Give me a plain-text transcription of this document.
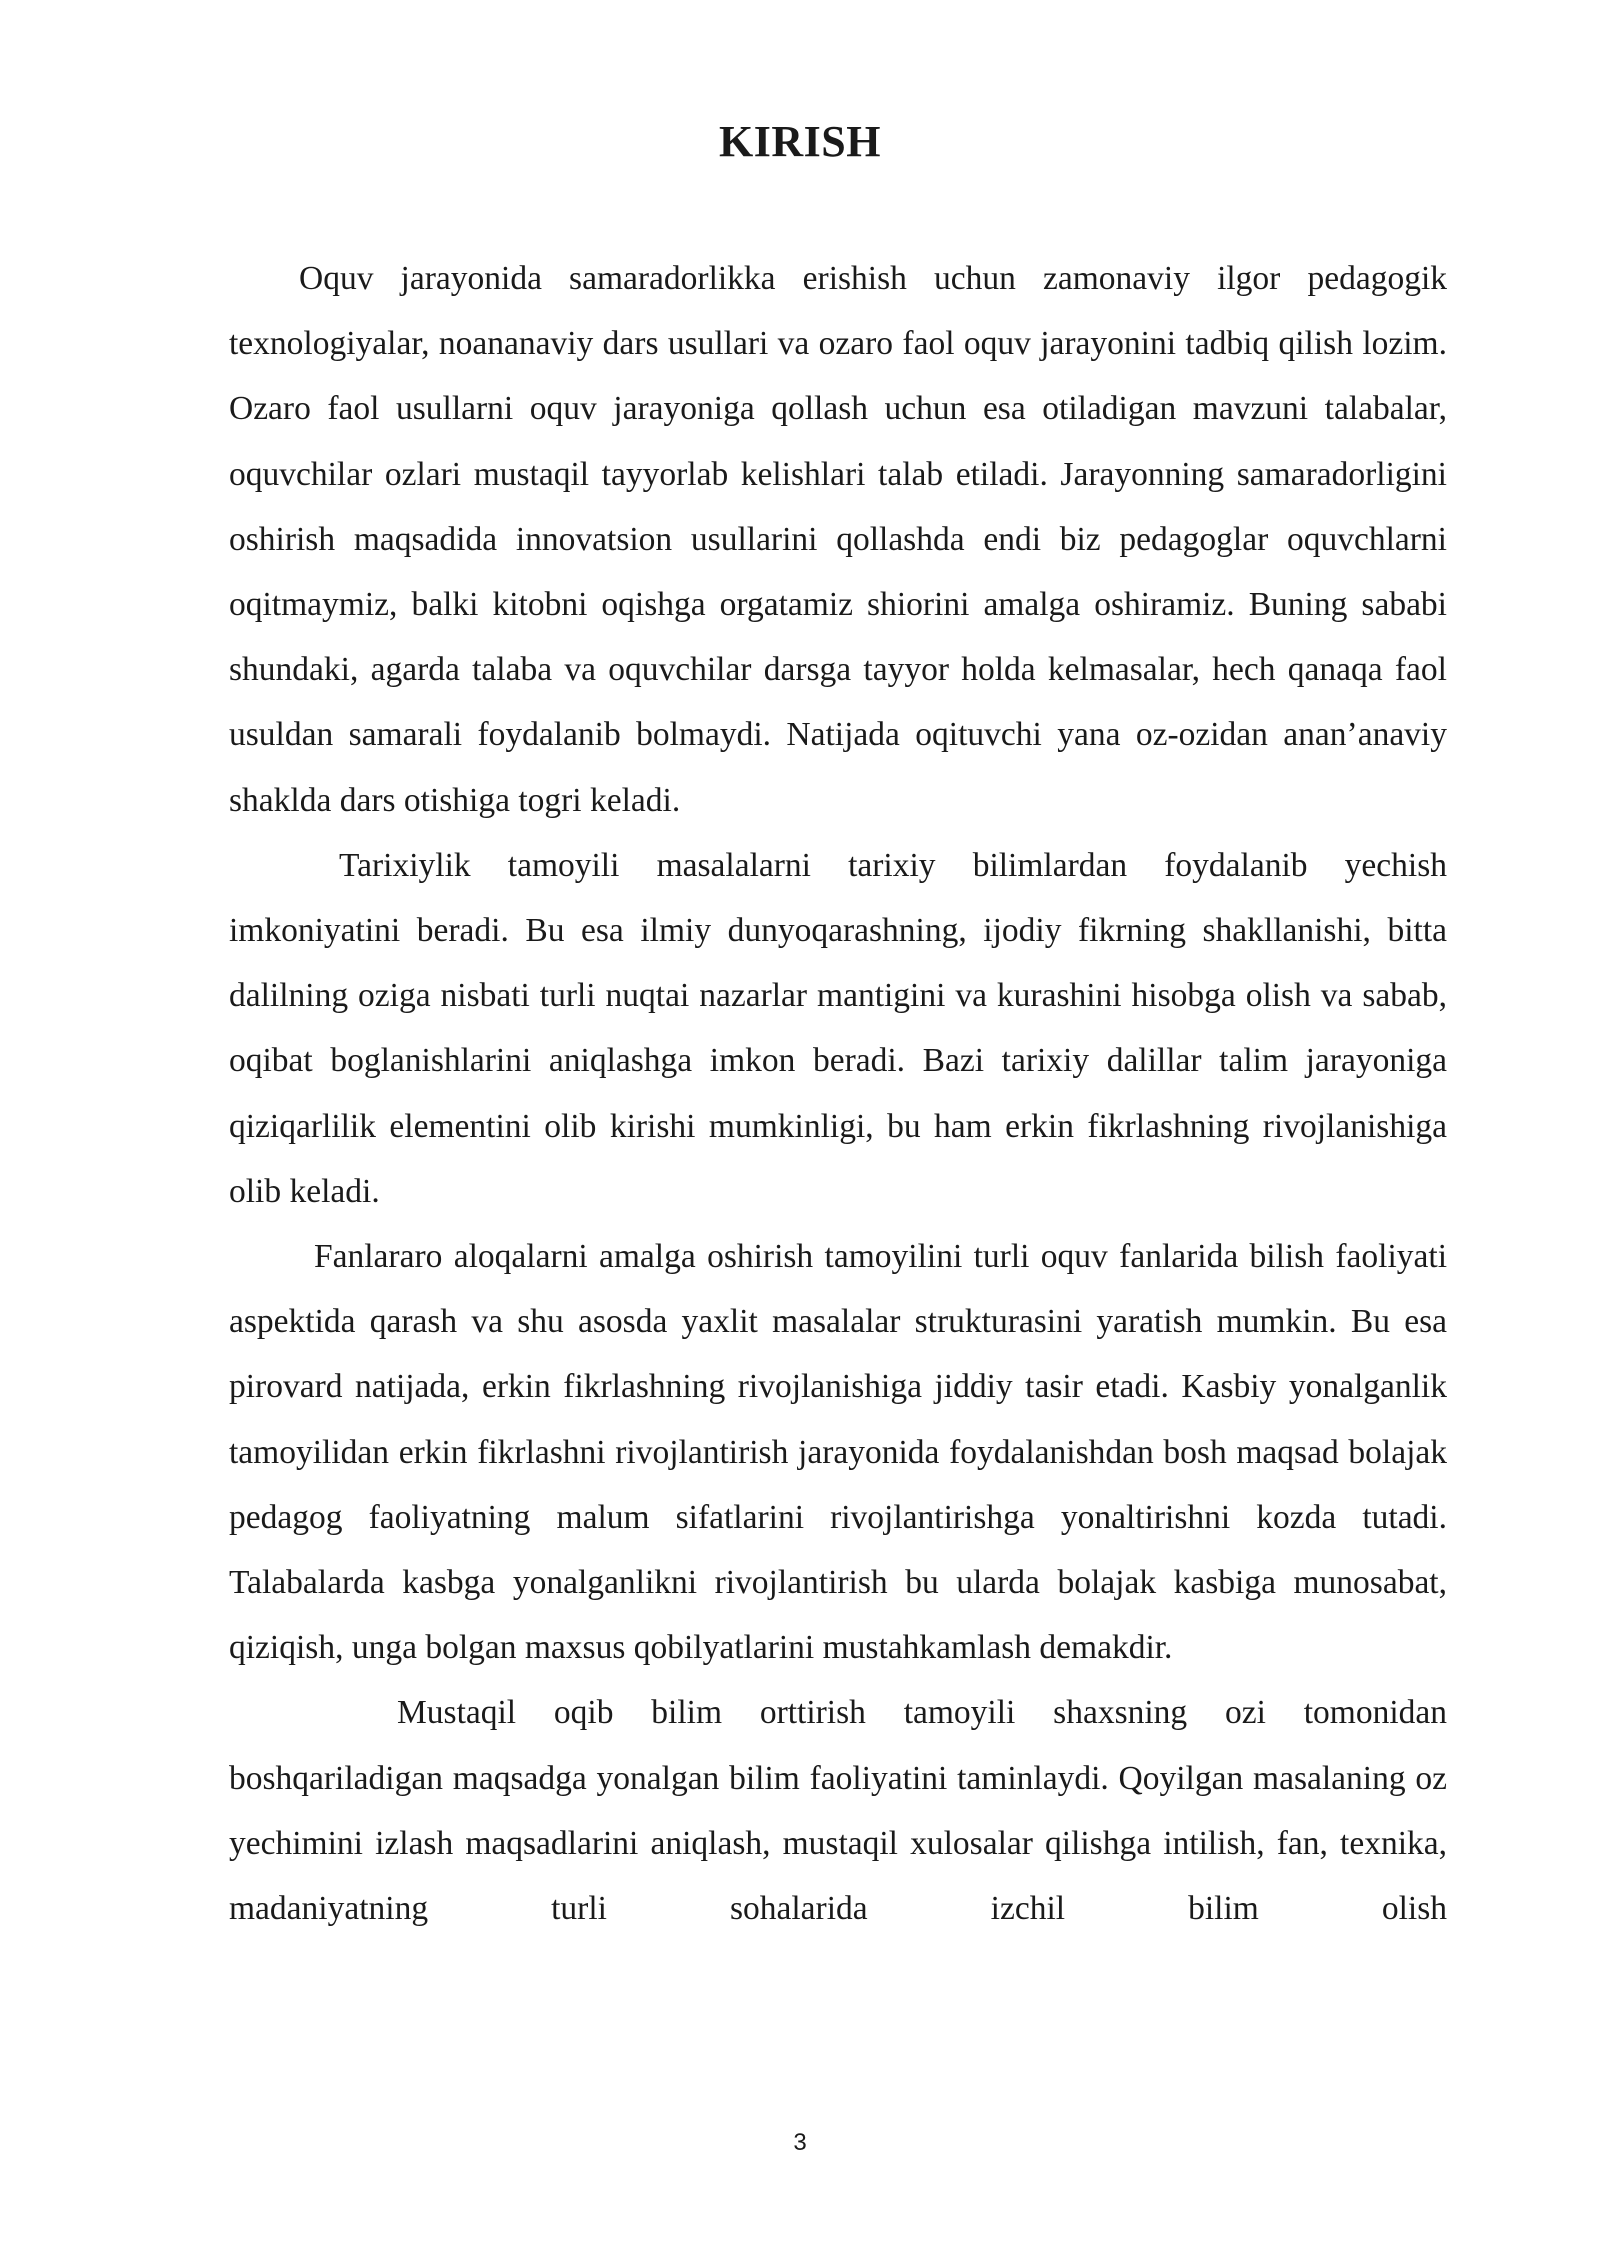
KIRISH

Oquv jarayonida samaradorlikka erishish uchun zamonaviy ilgor pedagogik texnologiyalar, noananaviy dars usullari va ozaro faol oquv jarayonini tadbiq qilish lozim. Ozaro faol usullarni oquv jarayoniga qollash uchun esa otiladigan mavzuni talabalar, oquvchilar ozlari mustaqil tayyorlab kelishlari talab etiladi. Jarayonning samaradorligini oshirish maqsadida innovatsion usullarini qollashda endi biz pedagoglar oquvchlarni oqitmaymiz, balki kitobni oqishga orgatamiz shiorini amalga oshiramiz. Buning sababi shundaki, agarda talaba va oquvchilar darsga tayyor holda kelmasalar, hech qanaqa faol usuldan samarali foydalanib bolmaydi. Natijada oqituvchi yana oz-ozidan anan’anaviy shaklda dars otishiga togri keladi.

Tarixiylik tamoyili masalalarni tarixiy bilimlardan foydalanib yechish imkoniyatini beradi. Bu esa ilmiy dunyoqarashning, ijodiy fikrning shakllanishi, bitta dalilning oziga nisbati turli nuqtai nazarlar mantigini va kurashini hisobga olish va sabab, oqibat boglanishlarini aniqlashga imkon beradi. Bazi tarixiy dalillar talim jarayoniga qiziqarlilik elementini olib kirishi mumkinligi, bu ham erkin fikrlashning rivojlanishiga olib keladi.

Fanlararo aloqalarni amalga oshirish tamoyilini turli oquv fanlarida bilish faoliyati aspektida qarash va shu asosda yaxlit masalalar strukturasini yaratish mumkin. Bu esa pirovard natijada, erkin fikrlashning rivojlanishiga jiddiy tasir etadi. Kasbiy yonalganlik tamoyilidan erkin fikrlashni rivojlantirish jarayonida foydalanishdan bosh maqsad bolajak pedagog faoliyatning malum sifatlarini rivojlantirishga yonaltirishni kozda tutadi. Talabalarda kasbga yonalganlikni rivojlantirish bu ularda bolajak kasbiga munosabat, qiziqish, unga bolgan maxsus qobilyatlarini mustahkamlash demakdir.

Mustaqil oqib bilim orttirish tamoyili shaxsning ozi tomonidan boshqariladigan maqsadga yonalgan bilim faoliyatini taminlaydi. Qoyilgan masalaning oz yechimini izlash maqsadlarini aniqlash, mustaqil xulosalar qilishga intilish, fan, texnika, madaniyatning turli sohalarida izchil bilim olish

3
